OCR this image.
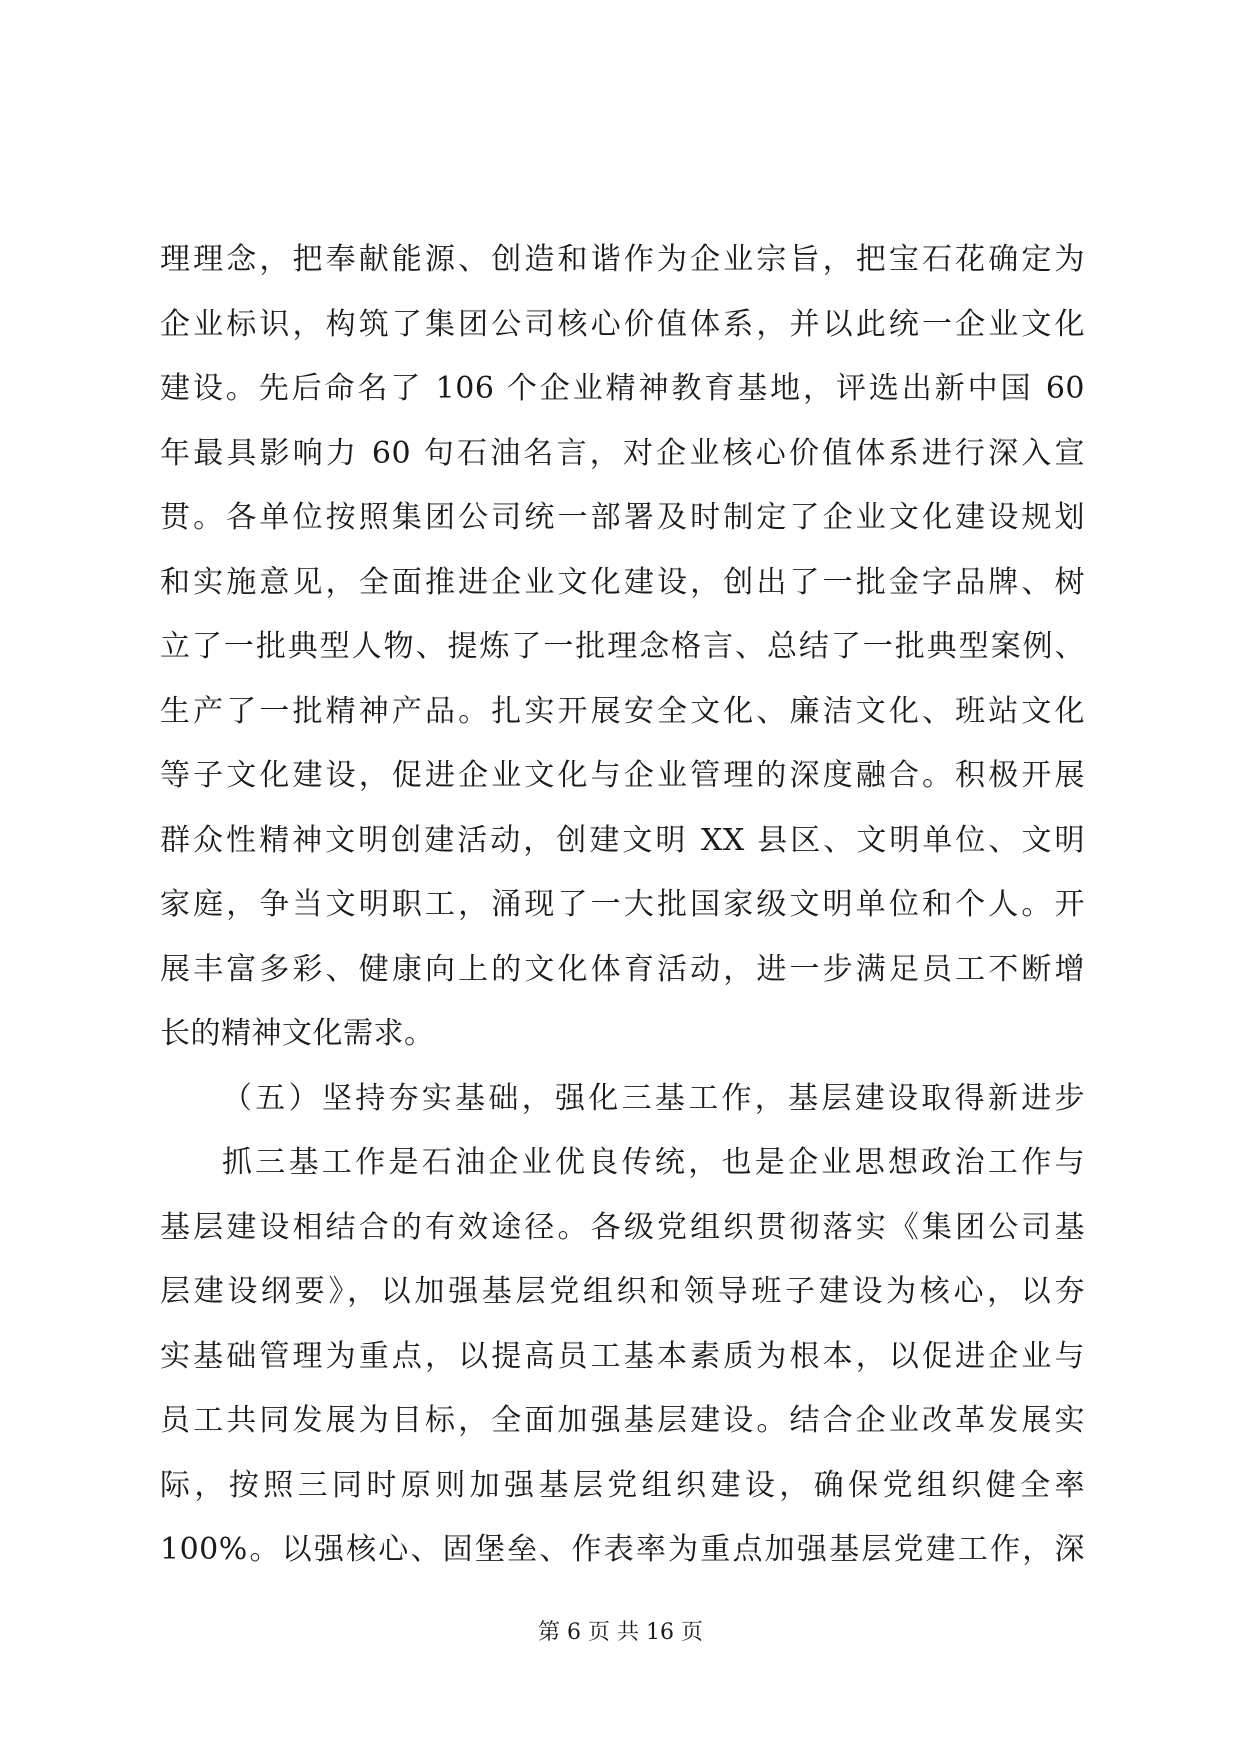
理理念，把奉献能源、创造和谐作为企业宗旨，把宝石花确定为
企业标识，构筑了集团公司核心价值体系，并以此统一企业文化
建设。先后命名了 106 个企业精神教育基地，评选出新中国 60
年最具影响力 60 句石油名言，对企业核心价值体系进行深入宣
贯。各单位按照集团公司统一部署及时制定了企业文化建设规划
和实施意见，全面推进企业文化建设，创出了一批金字品牌、树
立了一批典型人物、提炼了一批理念格言、总结了一批典型案例、
生产了一批精神产品。扎实开展安全文化、廉洁文化、班站文化
等子文化建设，促进企业文化与企业管理的深度融合。积极开展
群众性精神文明创建活动，创建文明 XX 县区、文明单位、文明
家庭，争当文明职工，涌现了一大批国家级文明单位和个人。开
展丰富多彩、健康向上的文化体育活动，进一步满足员工不断增
长的精神文化需求。
（五）坚持夯实基础，强化三基工作，基层建设取得新进步
抓三基工作是石油企业优良传统，也是企业思想政治工作与
基层建设相结合的有效途径。各级党组织贯彻落实《集团公司基
层建设纲要》，以加强基层党组织和领导班子建设为核心，以夯
实基础管理为重点，以提高员工基本素质为根本，以促进企业与
员工共同发展为目标，全面加强基层建设。结合企业改革发展实
际，按照三同时原则加强基层党组织建设，确保党组织健全率
100%。以强核心、固堡垒、作表率为重点加强基层党建工作，深
第 6 页 共 16 页
